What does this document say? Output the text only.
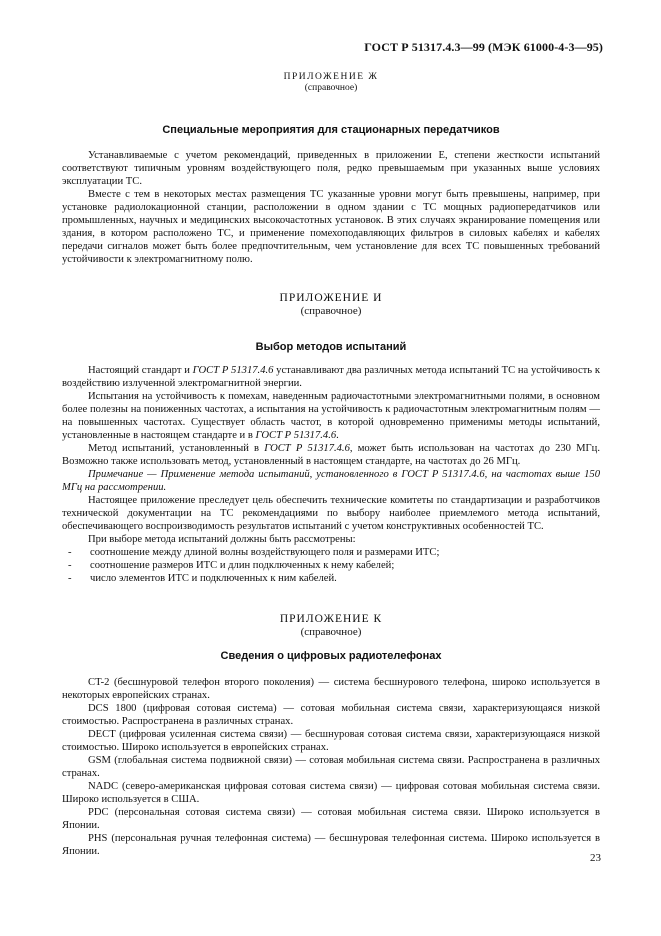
ГОСТ Р 51317.4.3—99 (МЭК 61000-4-3—95)
ПРИЛОЖЕНИЕ Ж
(справочное)
Специальные мероприятия для стационарных передатчиков

Устанавливаемые с учетом рекомендаций, приведенных в приложении Е, степени жесткости испытаний соответствуют типичным уровням воздействующего поля, редко превышаемым при указанных выше условиях эксплуатации ТС.

Вместе с тем в некоторых местах размещения ТС указанные уровни могут быть превышены, например, при установке радиолокационной станции, расположении в одном здании с ТС мощных радиопередатчиков или промышленных, научных и медицинских высокочастотных установок. В этих случаях экранирование помещения или здания, в котором расположено ТС, и применение помехоподавляющих фильтров в силовых кабелях и кабелях передачи сигналов может быть более предпочтительным, чем установление для всех ТС повышенных требований устойчивости к электромагнитному полю.

ПРИЛОЖЕНИЕ И
(справочное)
Выбор методов испытаний

Настоящий стандарт и ГОСТ Р 51317.4.6 устанавливают два различных метода испытаний ТС на устойчивость к воздействию излученной электромагнитной энергии.

Испытания на устойчивость к помехам, наведенным радиочастотными электромагнитными полями, в основном более полезны на пониженных частотах, а испытания на устойчивость к радиочастотным электромагнитным полям — на повышенных частотах. Существует область частот, в которой одновременно применимы методы испытаний, установленные в настоящем стандарте и в ГОСТ Р 51317.4.6.

Метод испытаний, установленный в ГОСТ Р 51317.4.6, может быть использован на частотах до 230 МГц. Возможно также использовать метод, установленный в настоящем стандарте, на частотах до 26 МГц.

Примечание — Применение метода испытаний, установленного в ГОСТ Р 51317.4.6, на частотах выше 150 МГц на рассмотрении.

Настоящее приложение преследует цель обеспечить технические комитеты по стандартизации и разработчиков технической документации на ТС рекомендациями по выбору наиболее приемлемого метода испытаний, обеспечивающего воспроизводимость результатов испытаний с учетом конструктивных особенностей ТС.

При выборе метода испытаний должны быть рассмотрены:

- соотношение между длиной волны воздействующего поля и размерами ИТС;
- соотношение размеров ИТС и длин подключенных к нему кабелей;
- число элементов ИТС и подключенных к ним кабелей.
ПРИЛОЖЕНИЕ К
(справочное)
Сведения о цифровых радиотелефонах

CT-2 (бесшнуровой телефон второго поколения) — система бесшнурового телефона, широко используется в некоторых европейских странах.

DCS 1800 (цифровая сотовая система) — сотовая мобильная система связи, характеризующаяся низкой стоимостью. Распространена в различных странах.

DECT (цифровая усиленная система связи) — бесшнуровая сотовая система связи, характеризующаяся низкой стоимостью. Широко используется в европейских странах.

GSM (глобальная система подвижной связи) — сотовая мобильная система связи. Распространена в различных странах.

NADC (северо-американская цифровая сотовая система связи) — цифровая сотовая мобильная система связи. Широко используется в США.

PDC (персональная сотовая система связи) — сотовая мобильная система связи. Широко используется в Японии.

PHS (персональная ручная телефонная система) — бесшнуровая телефонная система. Широко используется в Японии.

23
